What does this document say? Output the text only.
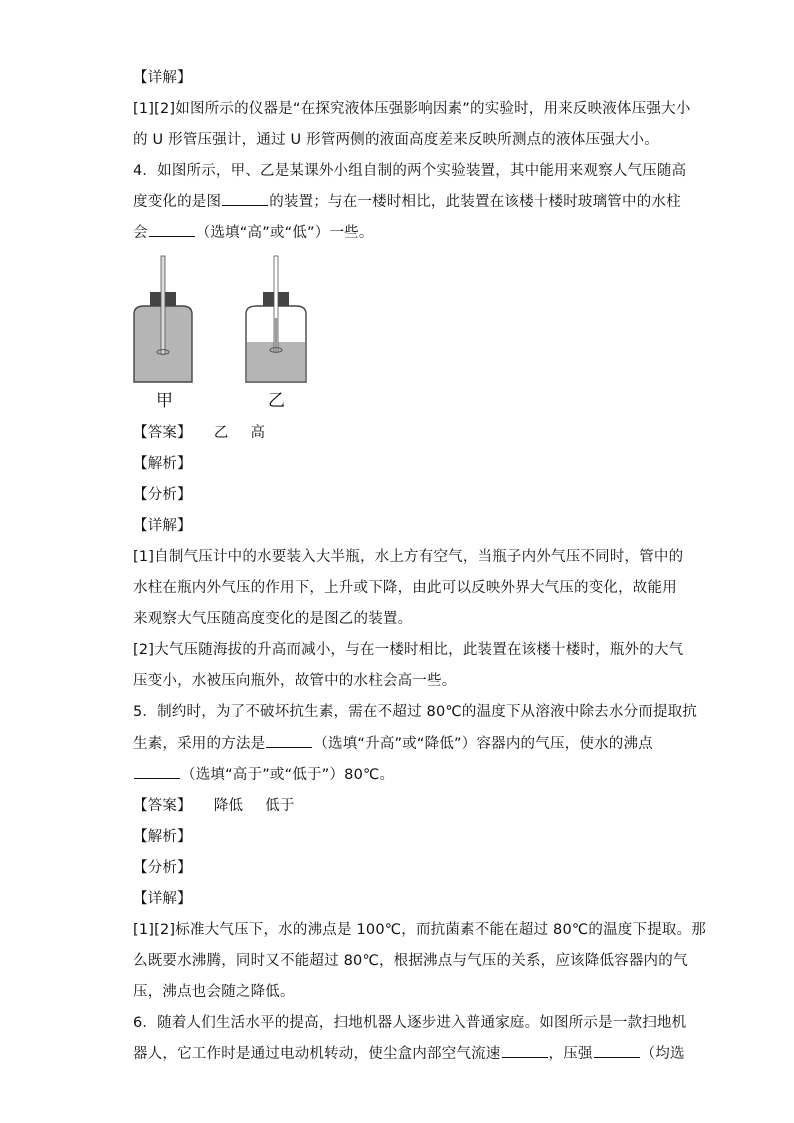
【详解】
[1][2]如图所示的仪器是“在探究液体压强影响因素”的实验时，用来反映液体压强大小
的 U 形管压强计，通过 U 形管两侧的液面高度差来反映所测点的液体压强大小。
4．如图所示，甲、乙是某课外小组自制的两个实验装置，其中能用来观察人气压随高
度变化的是图	的装置；与在一楼时相比，此装置在该楼十楼时玻璃管中的水柱
会	（选填“高”或“低”）一些。
甲	乙
【答案】 乙 高
【解析】
【分析】
【详解】
[1]自制气压计中的水要装入大半瓶，水上方有空气，当瓶子内外气压不同时，管中的
水柱在瓶内外气压的作用下，上升或下降，由此可以反映外界大气压的变化，故能用
来观察大气压随高度变化的是图乙的装置。
[2]大气压随海拔的升高而减小，与在一楼时相比，此装置在该楼十楼时，瓶外的大气
压变小，水被压向瓶外，故管中的水柱会高一些。
5．制约时，为了不破坏抗生素，需在不超过 80℃的温度下从溶液中除去水分而提取抗
生素，采用的方法是	（选填“升高”或“降低”）容器内的气压，使水的沸点
（选填“高于”或“低于”）80℃。
【答案】 降低 低于
【解析】
【分析】
【详解】
[1][2]标准大气压下，水的沸点是 100℃，而抗菌素不能在超过 80℃的温度下提取。那
么既要水沸腾，同时又不能超过 80℃，根据沸点与气压的关系，应该降低容器内的气
压，沸点也会随之降低。
6．随着人们生活水平的提高，扫地机器人逐步进入普通家庭。如图所示是一款扫地机
器人，它工作时是通过电动机转动，使尘盒内部空气流速	，压强	（均选
